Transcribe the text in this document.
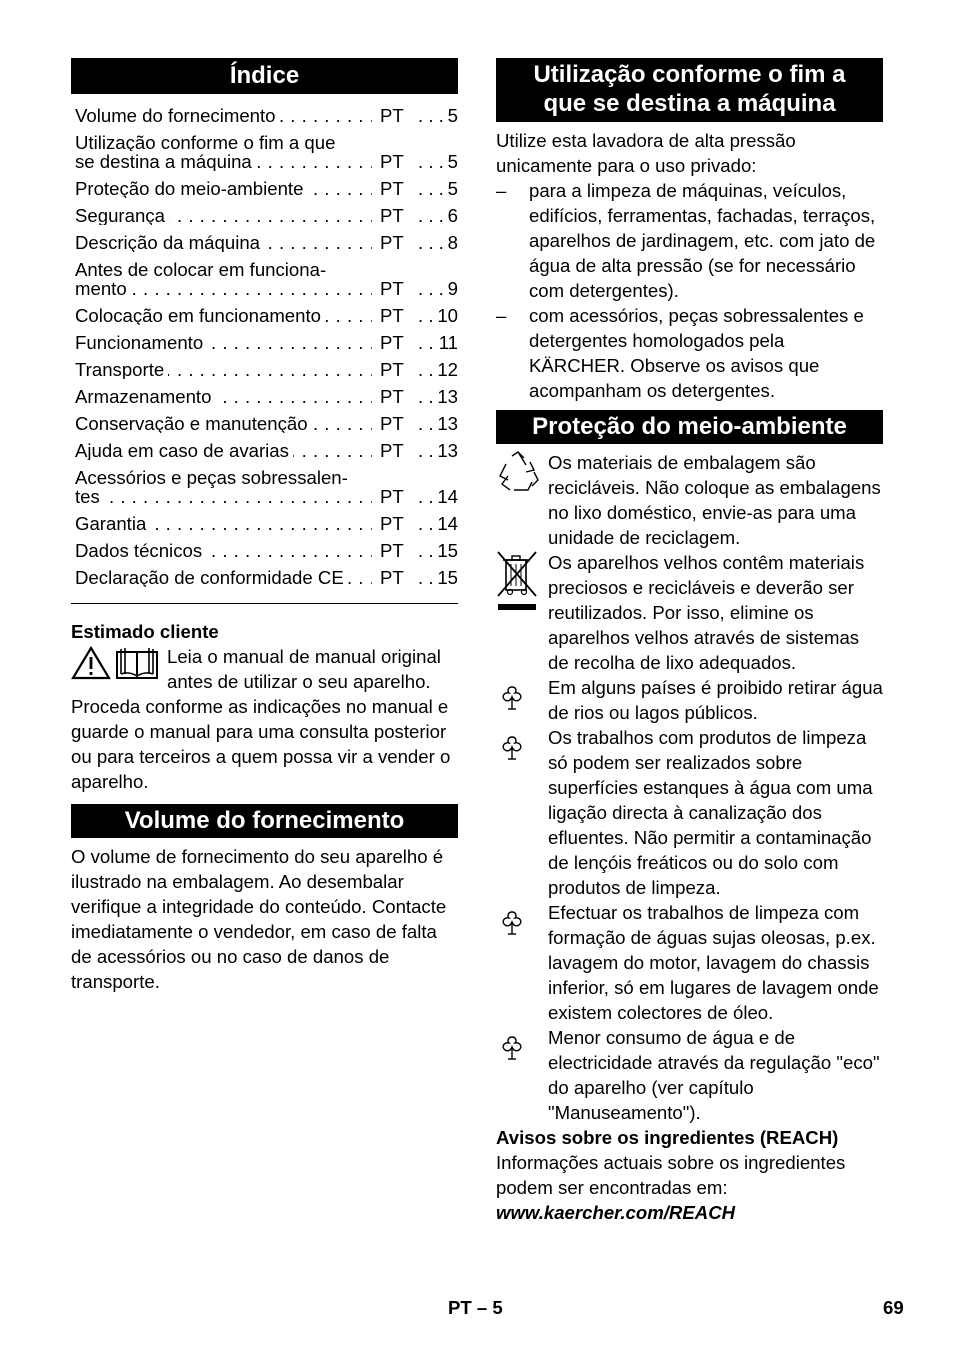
Índice
Volume do fornecimento . . .	PT	. . . 5
Utilização conforme o fim a que
se destina a máquina . . .	PT	. . . 5
Proteção do meio-ambiente . . .	PT	. . . 5
Segurança . . .	PT	. . . 6
Descrição da máquina . . .	PT	. . . 8
Antes de colocar em funciona-
mento . . .	PT	. . . 9
Colocação em funcionamento . . .	PT	. . . 10
Funcionamento . . .	PT	. . . 11
Transporte . . .	PT	. . . 12
Armazenamento . . .	PT	. . . 13
Conservação e manutenção . . .	PT	. . . 13
Ajuda em caso de avarias . . .	PT	. . . 13
Acessórios e peças sobressalen-
tes . . .	PT	. . . 14
Garantia . . .	PT	. . . 14
Dados técnicos . . .	PT	. . . 15
Declaração de conformidade CE . . .	PT	. . . 15
Estimado cliente
Leia o manual de manual original antes de utilizar o seu aparelho. Proceda conforme as indicações no manual e guarde o manual para uma consulta posterior ou para terceiros a quem possa vir a vender o aparelho.
Volume do fornecimento

O volume de fornecimento do seu aparelho é ilustrado na embalagem. Ao desembalar verifique a integridade do conteúdo. Contacte imediatamente o vendedor, em caso de falta de acessórios ou no caso de danos de transporte.

Utilização conforme o fim a
que se destina a máquina

Utilize esta lavadora de alta pressão unicamente para o uso privado:

– para a limpeza de máquinas, veículos, edifícios, ferramentas, fachadas, terraços, aparelhos de jardinagem, etc. com jato de água de alta pressão (se for necessário com detergentes).
– com acessórios, peças sobressalentes e detergentes homologados pela KÄRCHER. Observe os avisos que acompanham os detergentes.
Proteção do meio-ambiente
Os materiais de embalagem são recicláveis. Não coloque as embalagens no lixo doméstico, envie-as para uma unidade de reciclagem.
Os aparelhos velhos contêm materiais preciosos e recicláveis e deverão ser reutilizados. Por isso, elimine os aparelhos velhos através de sistemas de recolha de lixo adequados.
Em alguns países é proibido retirar água de rios ou lagos públicos.
Os trabalhos com produtos de limpeza só podem ser realizados sobre superfícies estanques à água com uma ligação directa à canalização dos efluentes. Não permitir a contaminação de lençóis freáticos ou do solo com produtos de limpeza.
Efectuar os trabalhos de limpeza com formação de águas sujas oleosas, p.ex. lavagem do motor, lavagem do chassis inferior, só em lugares de lavagem onde existem colectores de óleo.
Menor consumo de água e de electricidade através da regulação "eco" do aparelho (ver capítulo "Manuseamento").

Avisos sobre os ingredientes (REACH)

Informações actuais sobre os ingredientes podem ser encontradas em:

www.kaercher.com/REACH

PT – 5	69
